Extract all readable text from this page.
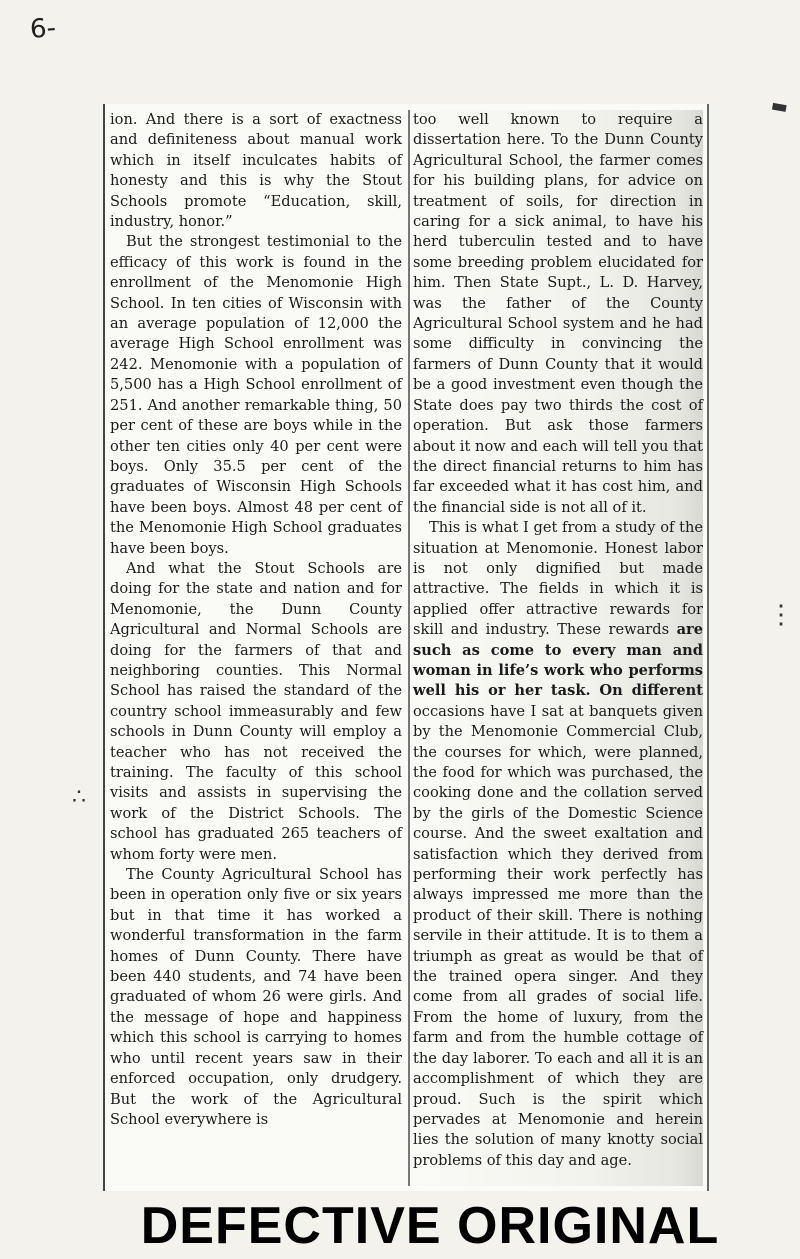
6-

ion. And there is a sort of exactness and definiteness about manual work which in itself inculcates habits of honesty and this is why the Stout Schools promote “Education, skill, industry, honor.”

But the strongest testimonial to the efficacy of this work is found in the enrollment of the Menomonie High School. In ten cities of Wisconsin with an average population of 12,000 the average High School enrollment was 242. Menomonie with a population of 5,500 has a High School enrollment of 251. And another remarkable thing, 50 per cent of these are boys while in the other ten cities only 40 per cent were boys. Only 35.5 per cent of the graduates of Wisconsin High Schools have been boys. Almost 48 per cent of the Menomonie High School graduates have been boys.

And what the Stout Schools are doing for the state and nation and for Menomonie, the Dunn County Agricultural and Normal Schools are doing for the farmers of that and neighboring counties. This Normal School has raised the standard of the country school immeasurably and few schools in Dunn County will employ a teacher who has not received the training. The faculty of this school visits and assists in supervising the work of the District Schools. The school has graduated 265 teachers of whom forty were men.

The County Agricultural School has been in operation only five or six years but in that time it has worked a wonderful transformation in the farm homes of Dunn County. There have been 440 students, and 74 have been graduated of whom 26 were girls. And the message of hope and happiness which this school is carrying to homes who until recent years saw in their enforced occupation, only drudgery. But the work of the Agricultural School everywhere is

too well known to require a dissertation here. To the Dunn County Agricultural School, the farmer comes for his building plans, for advice on treatment of soils, for direction in caring for a sick animal, to have his herd tuberculin tested and to have some breeding problem elucidated for him. Then State Supt., L. D. Harvey, was the father of the County Agricultural School system and he had some difficulty in convincing the farmers of Dunn County that it would be a good investment even though the State does pay two thirds the cost of operation. But ask those farmers about it now and each will tell you that the direct financial returns to him has far exceeded what it has cost him, and the financial side is not all of it.

This is what I get from a study of the situation at Menomonie. Honest labor is not only dignified but made attractive. The fields in which it is applied offer attractive rewards for skill and industry. These rewards are such as come to every man and woman in life’s work who performs well his or her task. On different occasions have I sat at banquets given by the Menomonie Commercial Club, the courses for which, were planned, the food for which was purchased, the cooking done and the collation served by the girls of the Domestic Science course. And the sweet exaltation and satisfaction which they derived from performing their work perfectly has always impressed me more than the product of their skill. There is nothing servile in their attitude. It is to them a triumph as great as would be that of the trained opera singer. And they come from all grades of social life. From the home of luxury, from the farm and from the humble cottage of the day laborer. To each and all it is an accomplishment of which they are proud. Such is the spirit which pervades at Menomonie and herein lies the solution of many knotty social problems of this day and age.

▬
⋮
∴
DEFECTIVE ORIGINAL
